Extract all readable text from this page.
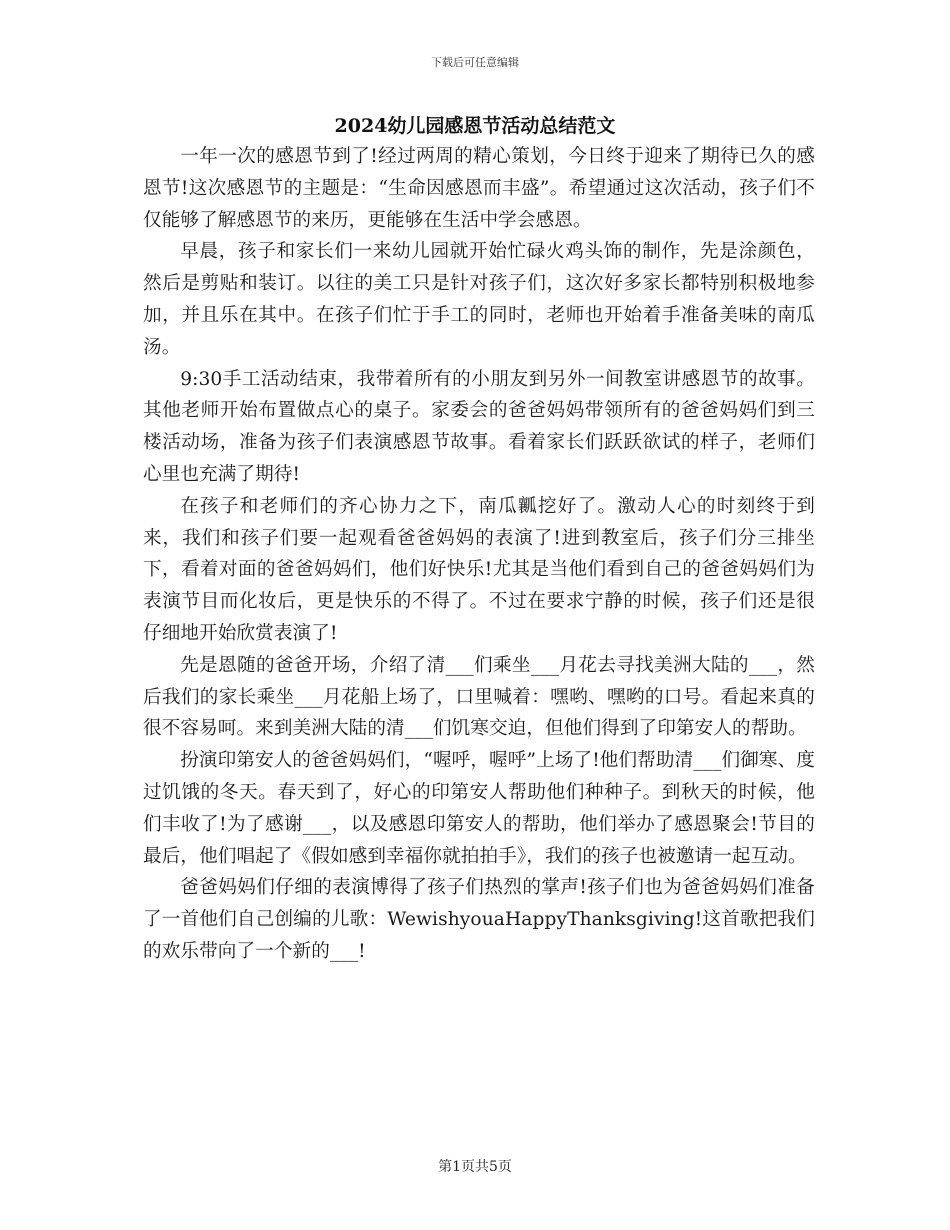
下载后可任意编辑
2024幼儿园感恩节活动总结范文

一年一次的感恩节到了!经过两周的精心策划，今日终于迎来了期待已久的感恩节!这次感恩节的主题是：“生命因感恩而丰盛”。希望通过这次活动，孩子们不仅能够了解感恩节的来历，更能够在生活中学会感恩。

早晨，孩子和家长们一来幼儿园就开始忙碌火鸡头饰的制作，先是涂颜色，然后是剪贴和装订。以往的美工只是针对孩子们，这次好多家长都特别积极地参加，并且乐在其中。在孩子们忙于手工的同时，老师也开始着手准备美味的南瓜汤。

9:30手工活动结束，我带着所有的小朋友到另外一间教室讲感恩节的故事。其他老师开始布置做点心的桌子。家委会的爸爸妈妈带领所有的爸爸妈妈们到三楼活动场，准备为孩子们表演感恩节故事。看着家长们跃跃欲试的样子，老师们心里也充满了期待!

在孩子和老师们的齐心协力之下，南瓜瓤挖好了。激动人心的时刻终于到来，我们和孩子们要一起观看爸爸妈妈的表演了!进到教室后，孩子们分三排坐下，看着对面的爸爸妈妈们，他们好快乐!尤其是当他们看到自己的爸爸妈妈们为表演节目而化妆后，更是快乐的不得了。不过在要求宁静的时候，孩子们还是很仔细地开始欣赏表演了!

先是恩随的爸爸开场，介绍了清___们乘坐___月花去寻找美洲大陆的___，然后我们的家长乘坐___月花船上场了，口里喊着：嘿哟、嘿哟的口号。看起来真的很不容易呵。来到美洲大陆的清___们饥寒交迫，但他们得到了印第安人的帮助。

扮演印第安人的爸爸妈妈们，“喔呼，喔呼”上场了!他们帮助清___们御寒、度过饥饿的冬天。春天到了，好心的印第安人帮助他们种种子。到秋天的时候，他们丰收了!为了感谢___，以及感恩印第安人的帮助，他们举办了感恩聚会!节目的最后，他们唱起了《假如感到幸福你就拍拍手》，我们的孩子也被邀请一起互动。

爸爸妈妈们仔细的表演博得了孩子们热烈的掌声!孩子们也为爸爸妈妈们准备了一首他们自己创编的儿歌：WewishyouaHappyThanksgiving!这首歌把我们的欢乐带向了一个新的___!

第1页共5页
